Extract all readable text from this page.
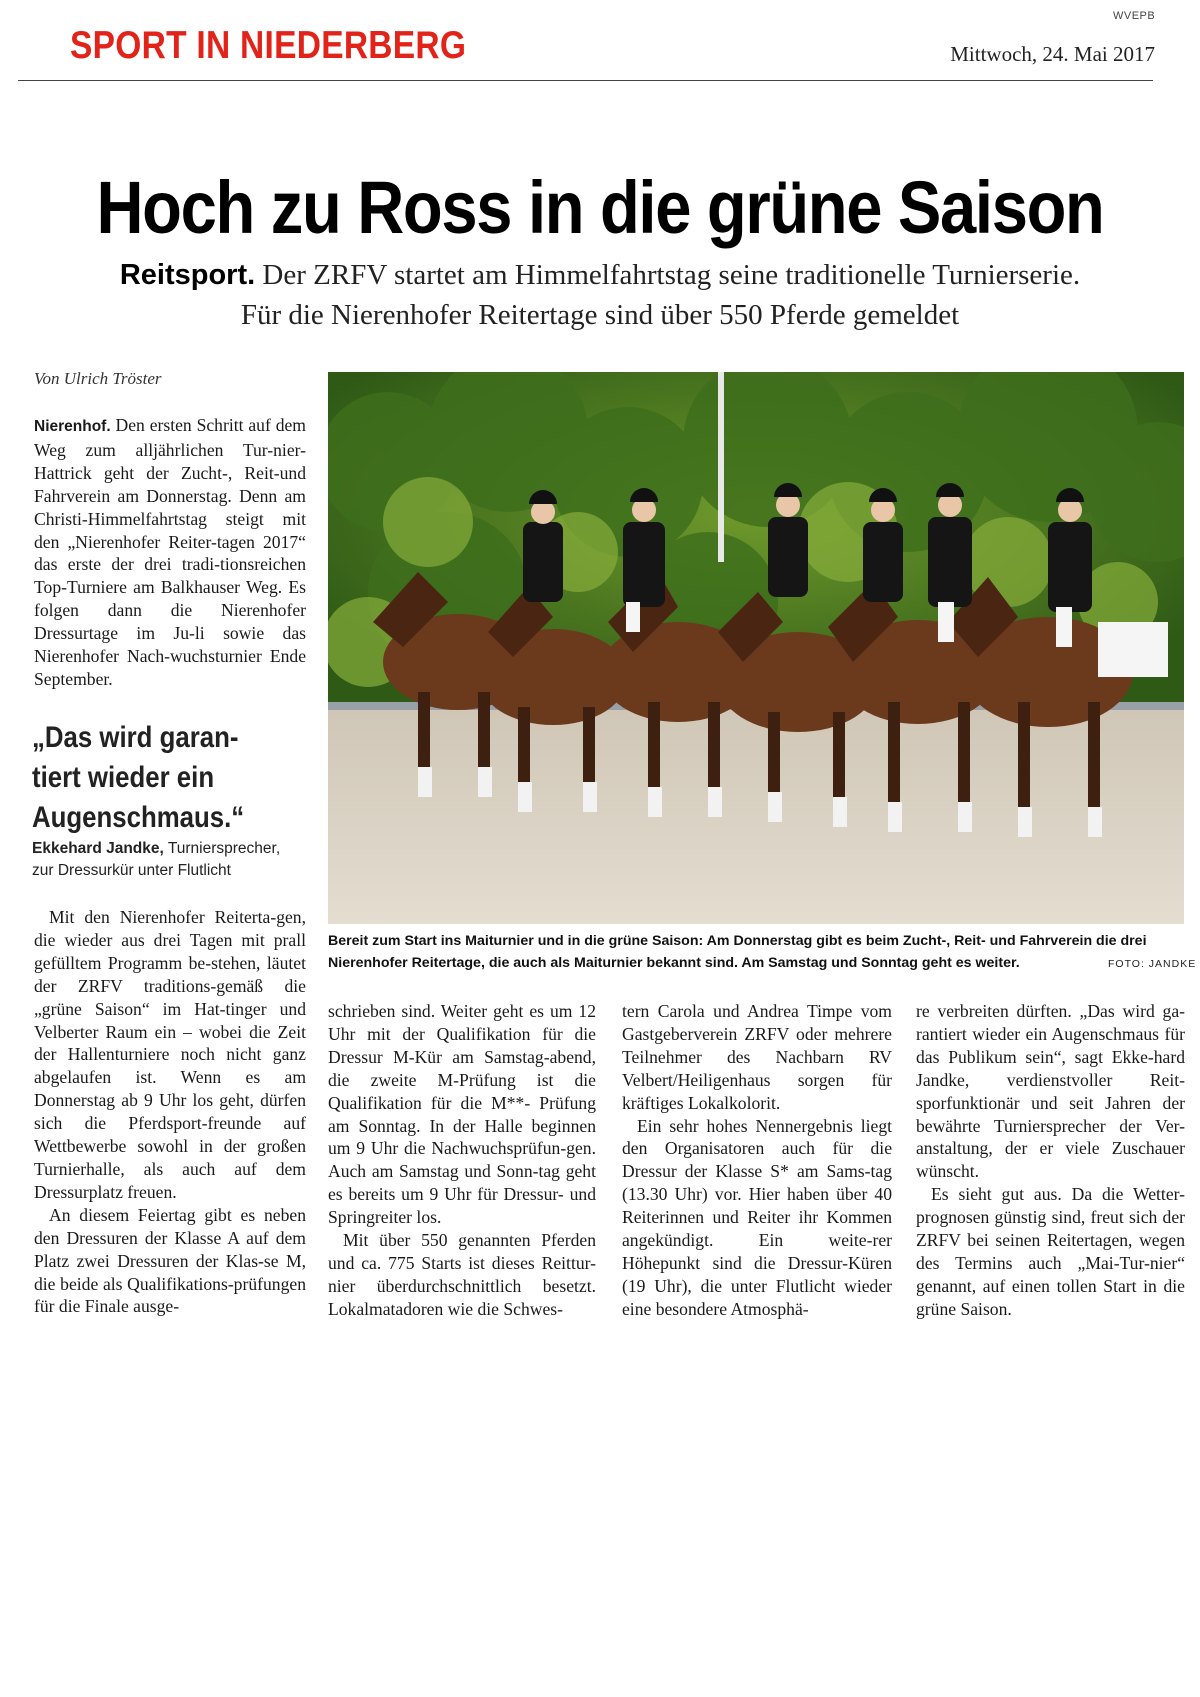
WVEPB
SPORT IN NIEDERBERG	Mittwoch, 24. Mai 2017
Hoch zu Ross in die grüne Saison
Reitsport. Der ZRFV startet am Himmelfahrtstag seine traditionelle Turnierserie.
Für die Nierenhofer Reitertage sind über 550 Pferde gemeldet
Von Ulrich Tröster

Nierenhof. Den ersten Schritt auf dem Weg zum alljährlichen Tur-nier-Hattrick geht der Zucht-, Reit-und Fahrverein am Donnerstag. Denn am Christi-Himmelfahrtstag steigt mit den „Nierenhofer Reiter-tagen 2017“ das erste der drei tradi-tionsreichen Top-Turniere am Balkhauser Weg. Es folgen dann die Nierenhofer Dressurtage im Ju-li sowie das Nierenhofer Nach-wuchsturnier Ende September.

„Das wird garan-tiert wieder ein Augenschmaus.“
Ekkehard Jandke, Turniersprecher, zur Dressurkür unter Flutlicht

Mit den Nierenhofer Reiterta-gen, die wieder aus drei Tagen mit prall gefülltem Programm be-stehen, läutet der ZRFV traditions-gemäß die „grüne Saison“ im Hat-tinger und Velberter Raum ein – wobei die Zeit der Hallenturniere noch nicht ganz abgelaufen ist. Wenn es am Donnerstag ab 9 Uhr los geht, dürfen sich die Pferdsport-freunde auf Wettbewerbe sowohl in der großen Turnierhalle, als auch auf dem Dressurplatz freuen.

An diesem Feiertag gibt es neben den Dressuren der Klasse A auf dem Platz zwei Dressuren der Klas-se M, die beide als Qualifikations-prüfungen für die Finale ausge-

schrieben sind. Weiter geht es um 12 Uhr mit der Qualifikation für die Dressur M-Kür am Samstag-abend, die zweite M-Prüfung ist die Qualifikation für die M**- Prüfung am Sonntag. In der Halle beginnen um 9 Uhr die Nachwuchsprüfun-gen. Auch am Samstag und Sonn-tag geht es bereits um 9 Uhr für Dressur- und Springreiter los.

Mit über 550 genannten Pferden und ca. 775 Starts ist dieses Reittur-nier überdurchschnittlich besetzt. Lokalmatadoren wie die Schwes-

tern Carola und Andrea Timpe vom Gastgeberverein ZRFV oder mehrere Teilnehmer des Nachbarn RV Velbert/Heiligenhaus sorgen für kräftiges Lokalkolorit.

Ein sehr hohes Nennergebnis liegt den Organisatoren auch für die Dressur der Klasse S* am Sams-tag (13.30 Uhr) vor. Hier haben über 40 Reiterinnen und Reiter ihr Kommen angekündigt. Ein weite-rer Höhepunkt sind die Dressur-Küren (19 Uhr), die unter Flutlicht wieder eine besondere Atmosphä-

re verbreiten dürften. „Das wird ga-rantiert wieder ein Augenschmaus für das Publikum sein“, sagt Ekke-hard Jandke, verdienstvoller Reit-sporfunktionär und seit Jahren der bewährte Turniersprecher der Ver-anstaltung, der er viele Zuschauer wünscht.

Es sieht gut aus. Da die Wetter-prognosen günstig sind, freut sich der ZRFV bei seinen Reitertagen, wegen des Termins auch „Mai-Tur-nier“ genannt, auf einen tollen Start in die grüne Saison.

Bereit zum Start ins Maiturnier und in die grüne Saison: Am Donnerstag gibt es beim Zucht-, Reit- und Fahrverein die drei Nierenhofer Reitertage, die auch als Maiturnier bekannt sind. Am Samstag und Sonntag geht es weiter.	FOTO: JANDKE
